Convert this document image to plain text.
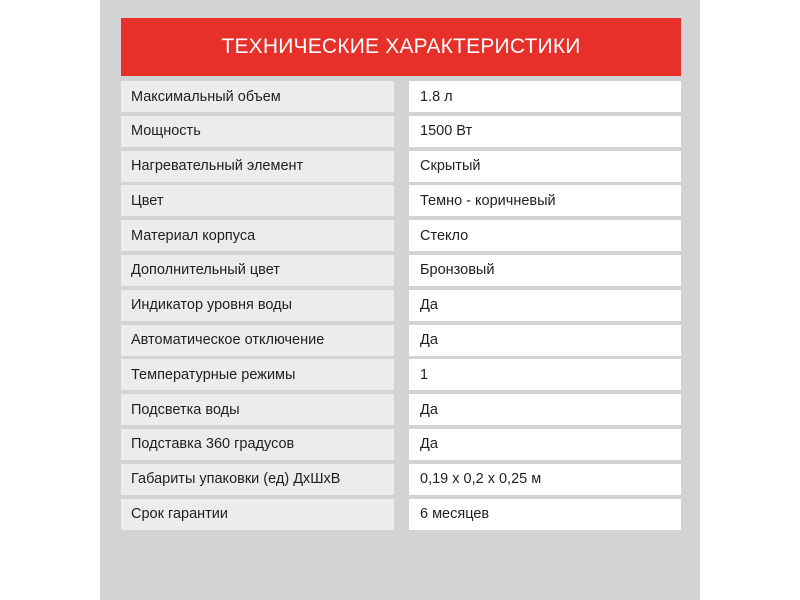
ТЕХНИЧЕСКИЕ ХАРАКТЕРИСТИКИ
Максимальный объем	1.8 л
Мощность	1500 Вт
Нагревательный элемент	Скрытый
Цвет	Темно - коричневый
Материал корпуса	Стекло
Дополнительный цвет	Бронзовый
Индикатор уровня воды	Да
Автоматическое отключение	Да
Температурные режимы	1
Подсветка воды	Да
Подставка 360 градусов	Да
Габариты упаковки (ед) ДхШхВ	0,19 х 0,2 х 0,25 м
Срок гарантии	6 месяцев
